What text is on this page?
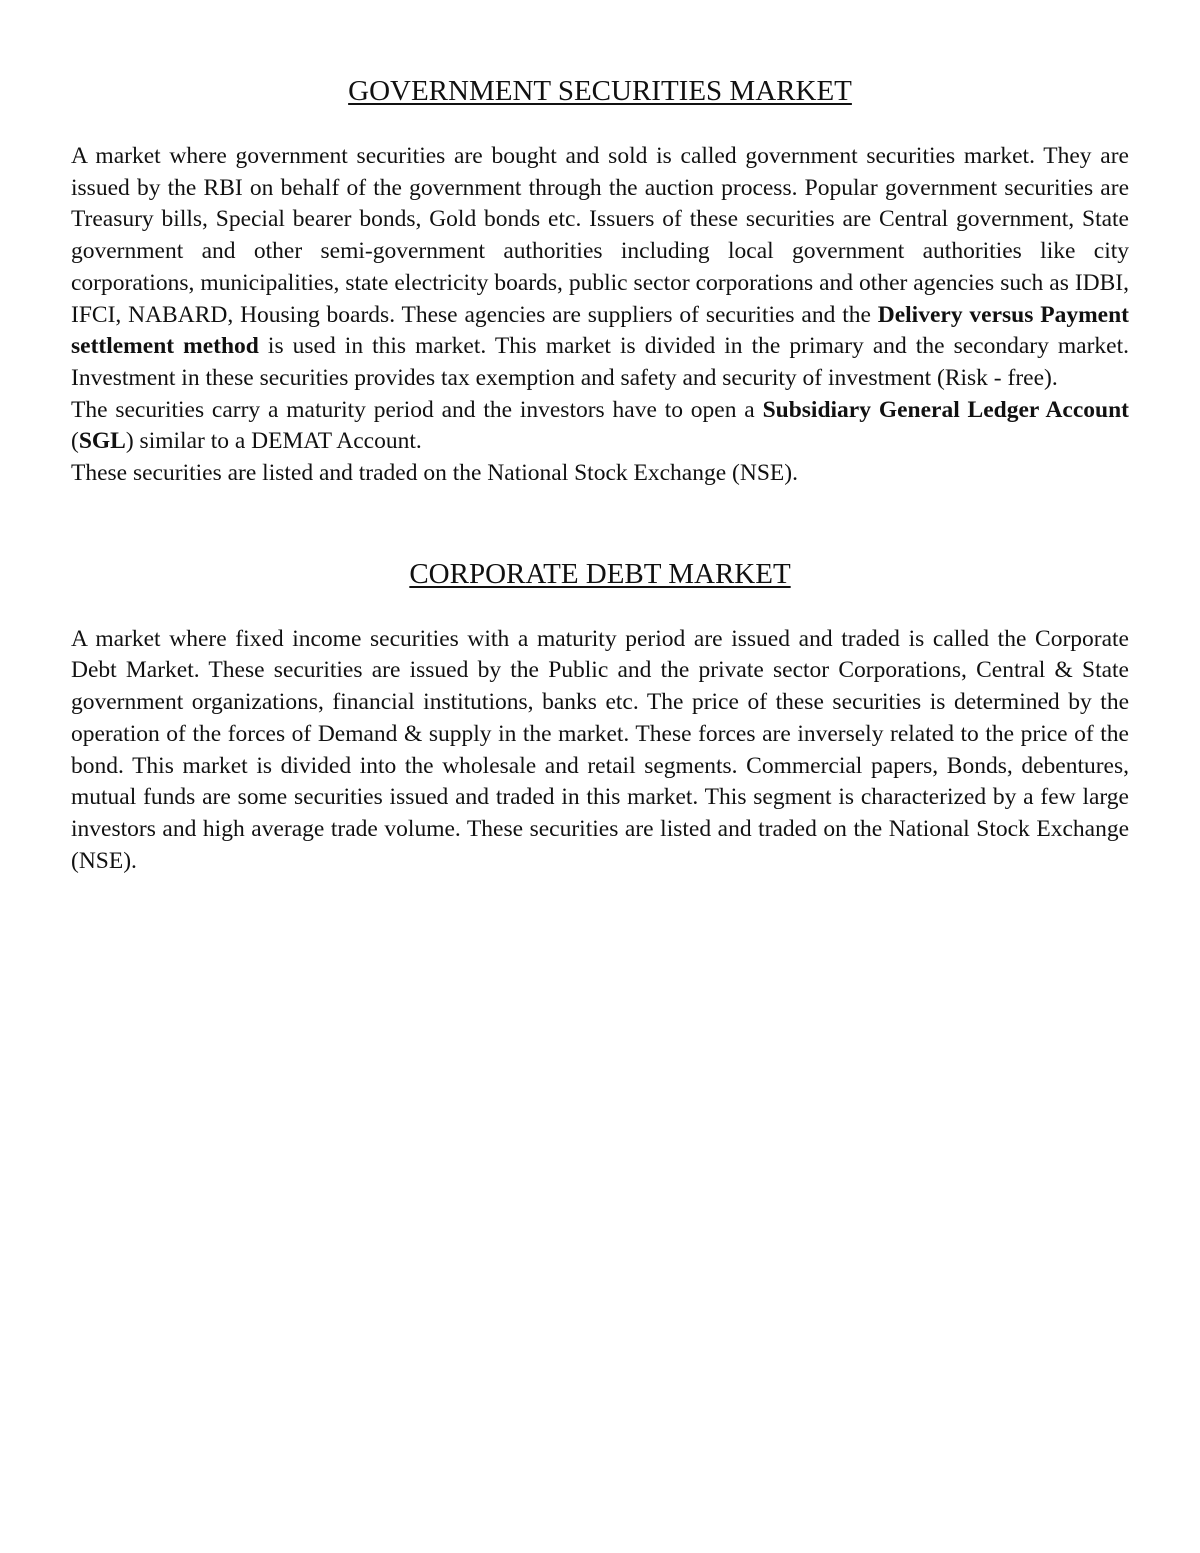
GOVERNMENT SECURITIES MARKET

A market where government securities are bought and sold is called government securities market. They are issued by the RBI on behalf of the government through the auction process. Popular government securities are Treasury bills, Special bearer bonds, Gold bonds etc. Issuers of these securities are Central government, State government and other semi-government authorities including local government authorities like city corporations, municipalities, state electricity boards, public sector corporations and other agencies such as IDBI, IFCI, NABARD, Housing boards. These agencies are suppliers of securities and the Delivery versus Payment settlement method is used in this market. This market is divided in the primary and the secondary market. Investment in these securities provides tax exemption and safety and security of investment (Risk - free).

The securities carry a maturity period and the investors have to open a Subsidiary General Ledger Account (SGL) similar to a DEMAT Account.

These securities are listed and traded on the National Stock Exchange (NSE).

CORPORATE DEBT MARKET

A market where fixed income securities with a maturity period are issued and traded is called the Corporate Debt Market. These securities are issued by the Public and the private sector Corporations, Central & State government organizations, financial institutions, banks etc. The price of these securities is determined by the operation of the forces of Demand & supply in the market. These forces are inversely related to the price of the bond. This market is divided into the wholesale and retail segments. Commercial papers, Bonds, debentures, mutual funds are some securities issued and traded in this market. This segment is characterized by a few large investors and high average trade volume. These securities are listed and traded on the National Stock Exchange (NSE).
